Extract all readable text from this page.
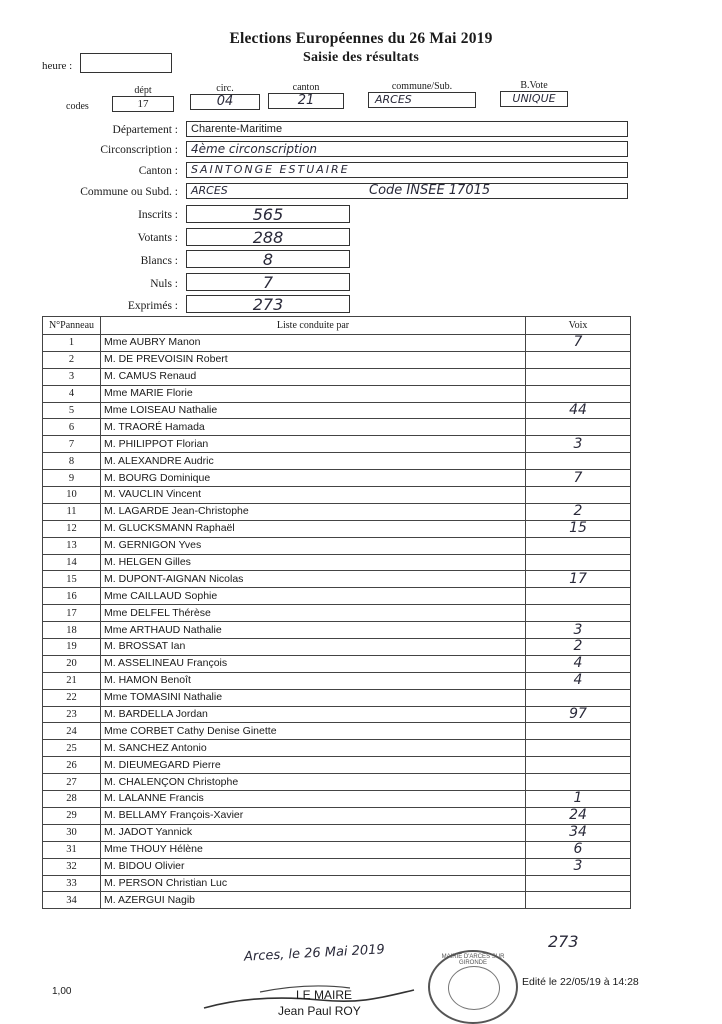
Elections Européennes du 26 Mai 2019
Saisie des résultats
heure :
codes
dépt
17
circ.
04
canton
21
commune/Sub.
ARCES
B.Vote
UNIQUE
Département :	Charente-Maritime
Circonscription :	4ème circonscription
Canton :	SAINTONGE ESTUAIRE
Commune ou Subd. :	ARCES	Code INSEE 17015
Inscrits :	565
Votants :	288
Blancs :	8
Nuls :	7
Exprimés :	273
N°Panneau	Liste conduite par	Voix
1	Mme AUBRY Manon	7
2	M. DE PREVOISIN Robert	
3	M. CAMUS Renaud	
4	Mme MARIE Florie	
5	Mme LOISEAU Nathalie	44
6	M. TRAORÉ Hamada	
7	M. PHILIPPOT Florian	3
8	M. ALEXANDRE Audric	
9	M. BOURG Dominique	7
10	M. VAUCLIN Vincent	
11	M. LAGARDE Jean-Christophe	2
12	M. GLUCKSMANN Raphaël	15
13	M. GERNIGON Yves	
14	M. HELGEN Gilles	
15	M. DUPONT-AIGNAN Nicolas	17
16	Mme CAILLAUD Sophie	
17	Mme DELFEL Thérèse	
18	Mme ARTHAUD Nathalie	3
19	M. BROSSAT Ian	2
20	M. ASSELINEAU François	4
21	M. HAMON Benoît	4
22	Mme TOMASINI Nathalie	
23	M. BARDELLA Jordan	97
24	Mme CORBET Cathy Denise Ginette	
25	M. SANCHEZ Antonio	
26	M. DIEUMEGARD Pierre	
27	M. CHALENÇON Christophe	
28	M. LALANNE Francis	1
29	M. BELLAMY François-Xavier	24
30	M. JADOT Yannick	34
31	Mme THOUY Hélène	6
32	M. BIDOU Olivier	3
33	M. PERSON Christian Luc	
34	M. AZERGUI Nagib	
273
Arces, le 26 Mai 2019
1,00
MAIRIE D'ARCES SUR GIRONDE
LE MAIRE
Jean Paul ROY
Edité le 22/05/19 à 14:28
